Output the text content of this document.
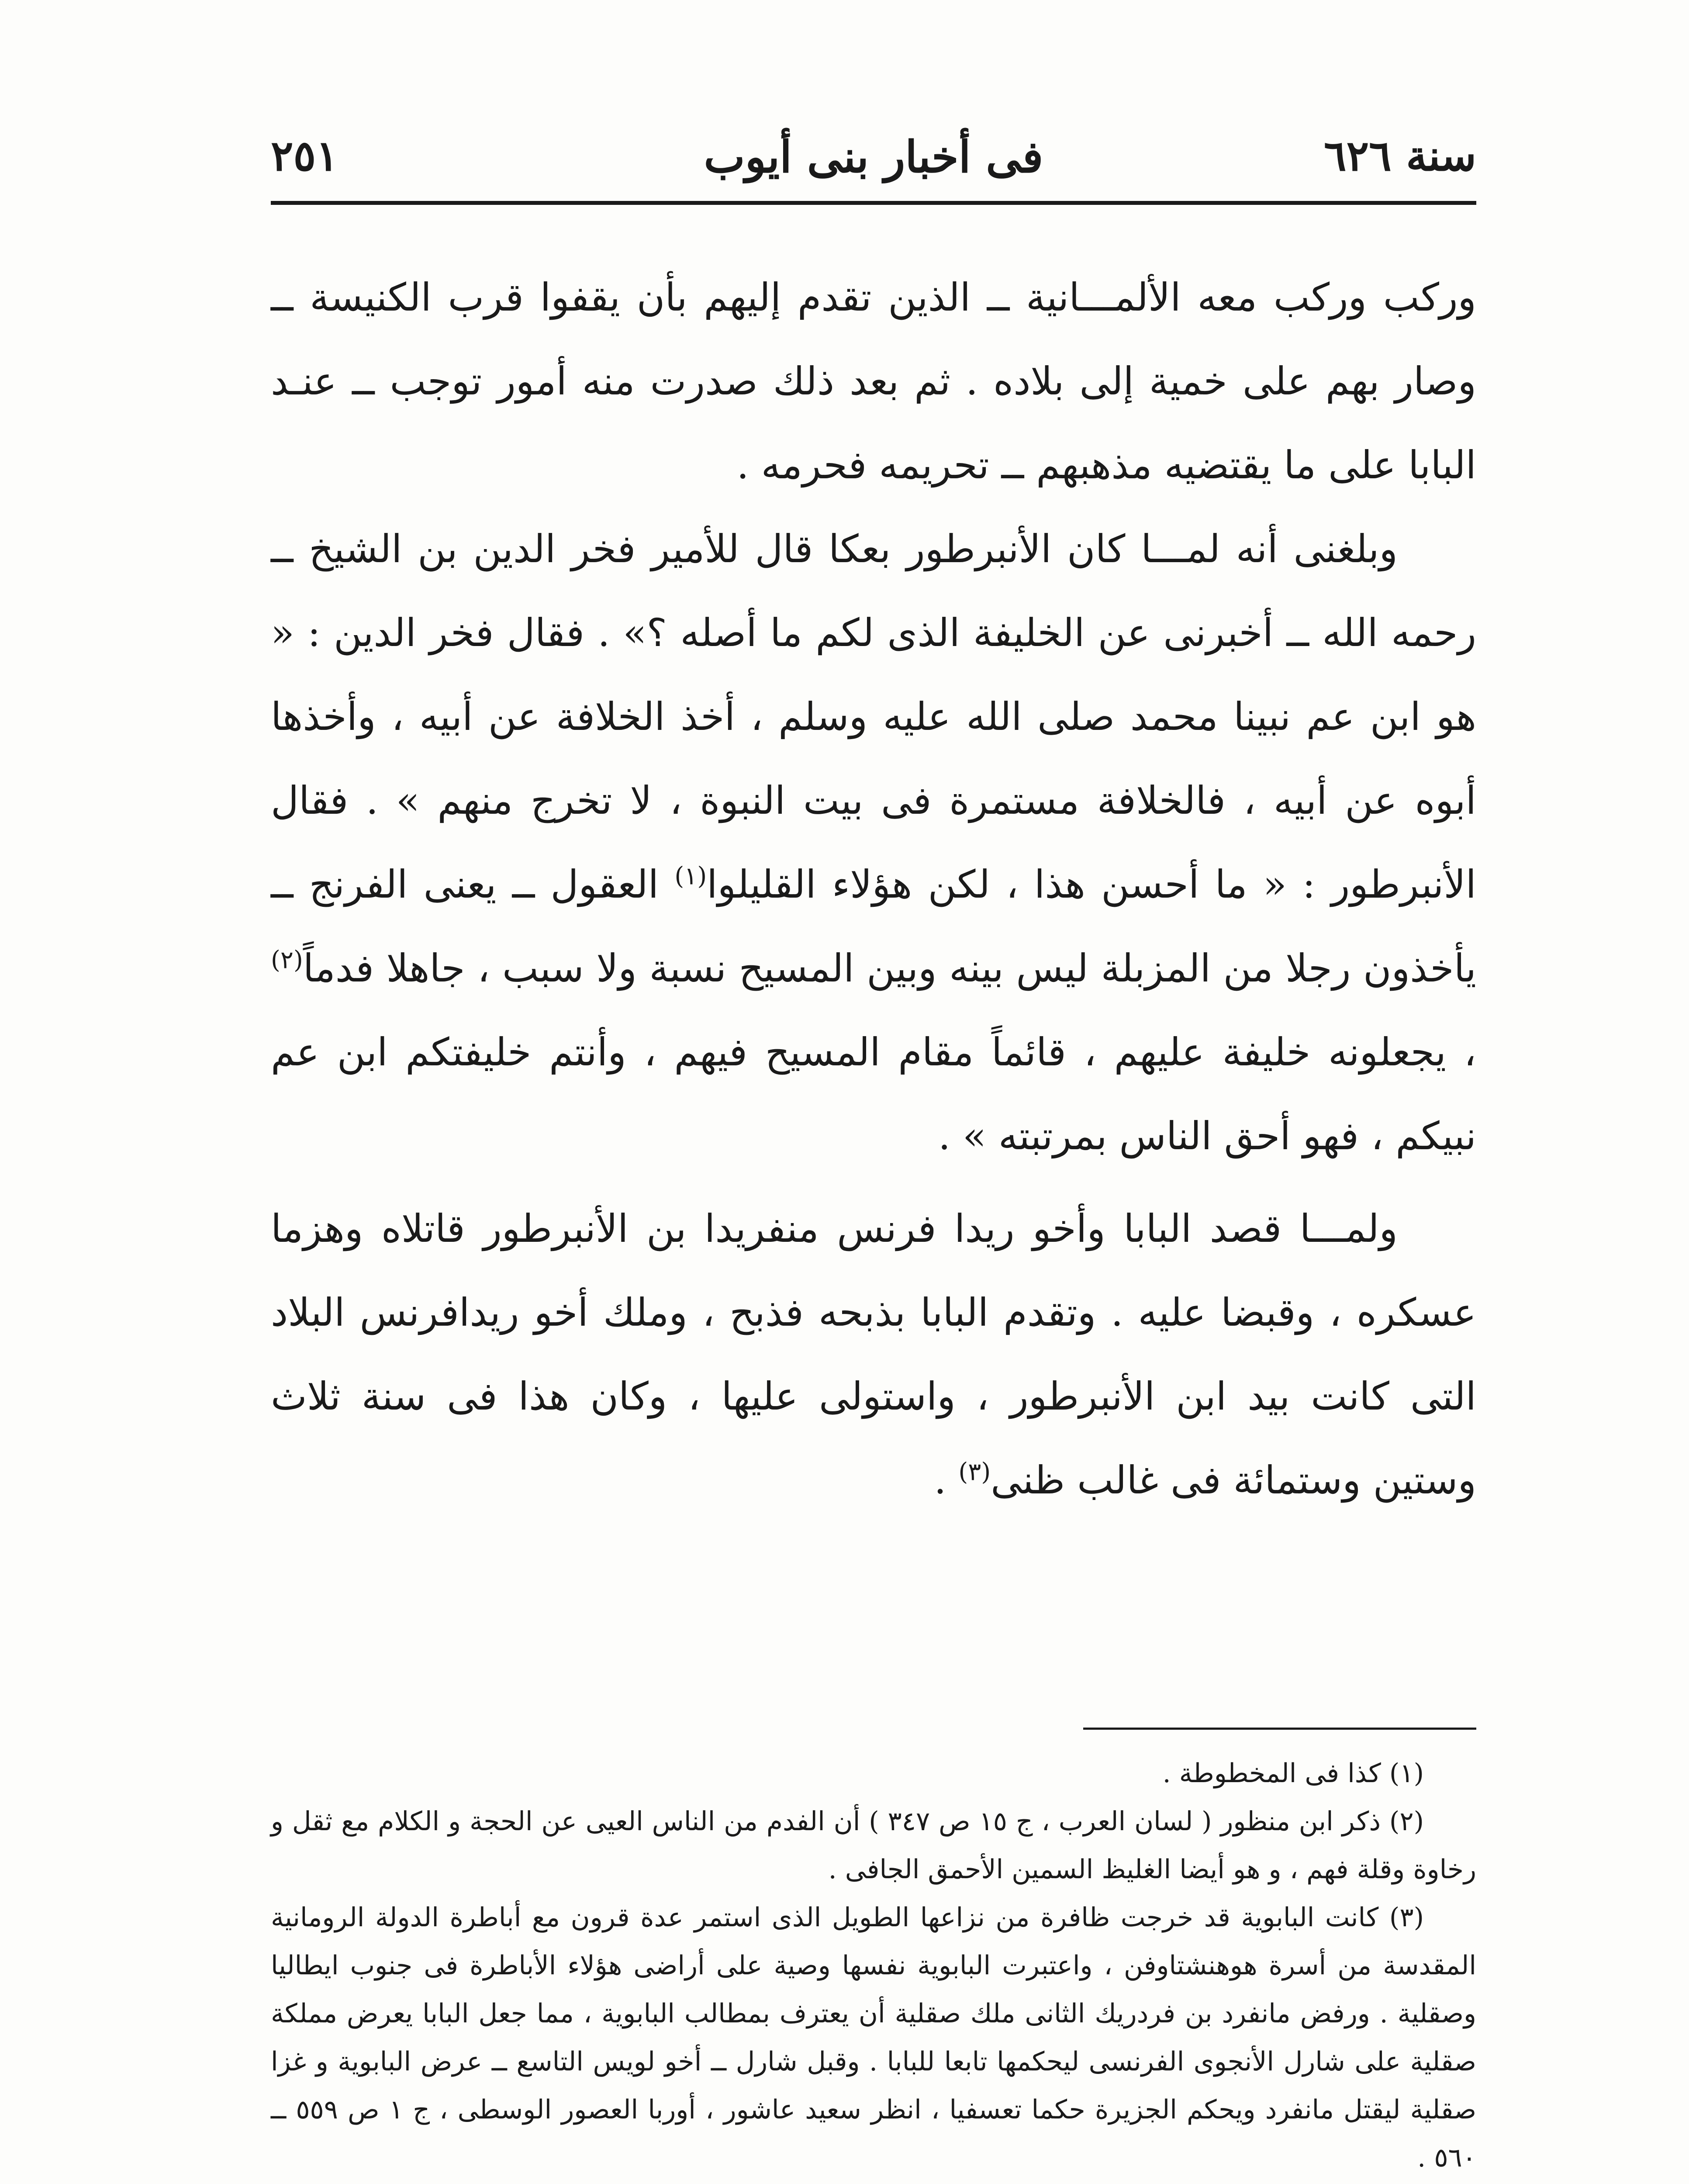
سنة ٦٢٦
فى أخبار بنى أيوب
٢٥١

وركب وركب معه الألمـــانية ــ الذين تقدم إليهم بأن يقفوا قرب الكنيسة ــ وصار بهم على خمية إلى بلاده . ثم بعد ذلك صدرت منه أمور توجب ــ عنـد البابا على ما يقتضيه مذهبهم ــ تحريمه فحرمه .

وبلغنى أنه لمـــا كان الأنبرطور بعكا قال للأمير فخر الدين بن الشيخ ــ رحمه الله ــ أخبرنى عن الخليفة الذى لكم ما أصله ؟» . فقال فخر الدين : « هو ابن عم نبينا محمد صلى الله عليه وسلم ، أخذ الخلافة عن أبيه ، وأخذها أبوه عن أبيه ، فالخلافة مستمرة فى بيت النبوة ، لا تخرج منهم » . فقال الأنبرطور : « ما أحسن هذا ، لكن هؤلاء القليلوا$^{(١)}$ العقول ــ يعنى الفرنج ــ يأخذون رجلا من المزبلة ليس بينه وبين المسيح نسبة ولا سبب ، جاهلا فدماً$^{(٢)}$ ، يجعلونه خليفة عليهم ، قائماً مقام المسيح فيهم ، وأنتم خليفتكم ابن عم نبيكم ، فهو أحق الناس بمرتبته » .

ولمـــا قصد البابا وأخو ريدا فرنس منفريدا بن الأنبرطور قاتلاه وهزما عسكره ، وقبضا عليه . وتقدم البابا بذبحه فذبح ، وملك أخو ريدافرنس البلاد التى كانت بيد ابن الأنبرطور ، واستولى عليها ، وكان هذا فى سنة ثلاث وستين وستمائة فى غالب ظنى$^{(٣)}$ .

(١) كذا فى المخطوطة .

(٢) ذكر ابن منظور ( لسان العرب ، ج ١٥ ص ٣٤٧ ) أن الفدم من الناس العيى عن الحجة و الكلام مع ثقل و رخاوة وقلة فهم ، و هو أيضا الغليظ السمين الأحمق الجافى .

(٣) كانت البابوية قد خرجت ظافرة من نزاعها الطويل الذى استمر عدة قرون مع أباطرة الدولة الرومانية المقدسة من أسرة هوهنشتاوفن ، واعتبرت البابوية نفسها وصية على أراضى هؤلاء الأباطرة فى جنوب ايطاليا وصقلية . ورفض مانفرد بن فردريك الثانى ملك صقلية أن يعترف بمطالب البابوية ، مما جعل البابا يعرض مملكة صقلية على شارل الأنجوى الفرنسى ليحكمها تابعا للبابا . وقبل شارل ــ أخو لويس التاسع ــ عرض البابوية و غزا صقلية ليقتل مانفرد ويحكم الجزيرة حكما تعسفيا ، انظر سعيد عاشور ، أوربا العصور الوسطى ، ج ١ ص ٥٥٩ ــ ٥٦٠ .
